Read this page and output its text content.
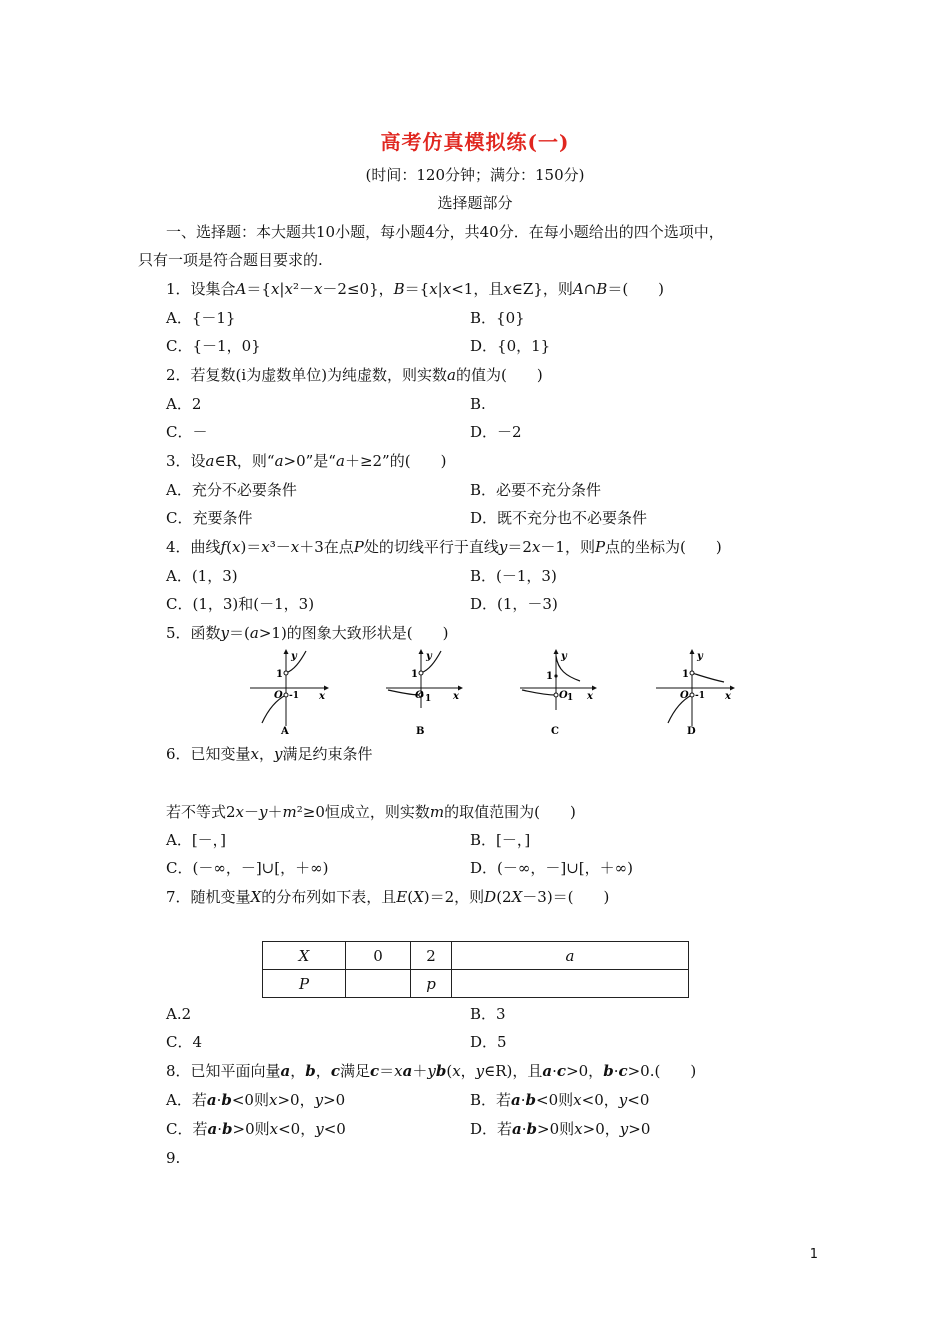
高考仿真模拟练(一)
(时间：120分钟；满分：150分)
选择题部分
一、选择题：本大题共10小题，每小题4分，共40分．在每小题给出的四个选项中，
只有一项是符合题目要求的.
1．设集合A＝{x|x²－x－2≤0}，B＝{x|x<1，且x∈Z}，则A∩B＝(　　)
A．{－1}	B．{0}
C．{－1，0}	D．{0，1}
2．若复数(i为虚数单位)为纯虚数，则实数a的值为(　　)
A．2	B.
C．－	D．－2
3．设a∈R，则“a>0”是“a＋≥2”的(　　)
A．充分不必要条件	B．必要不充分条件
C．充要条件	D．既不充分也不必要条件
4．曲线f(x)＝x³－x＋3在点P处的切线平行于直线y＝2x－1，则P点的坐标为(　　)
A．(1，3)	B．(－1，3)
C．(1，3)和(－1，3)	D．(1，－3)
5．函数y＝(a>1)的图象大致形状是(　　)
y
x
1
O -1
A
y
x
1
O 1
B
y
x
1
O 1
C
y
x
1
O -1
D
6．已知变量x，y满足约束条件
若不等式2x－y＋m²≥0恒成立，则实数m的取值范围为(　　)
A．[－，]	B．[－，]
C．(－∞，－]∪[，＋∞)	D．(－∞，－]∪[，＋∞)
7．随机变量X的分布列如下表，且E(X)＝2，则D(2X－3)＝(　　)
X	0	2	a
P		p	
A.2	B．3
C．4	D．5
8．已知平面向量a，b，c满足c＝xa＋yb(x，y∈R)，且a·c>0，b·c>0.(　　)
A．若a·b<0则x>0，y>0	B．若a·b<0则x<0，y<0
C．若a·b>0则x<0，y<0	D．若a·b>0则x>0，y>0
9.
1
